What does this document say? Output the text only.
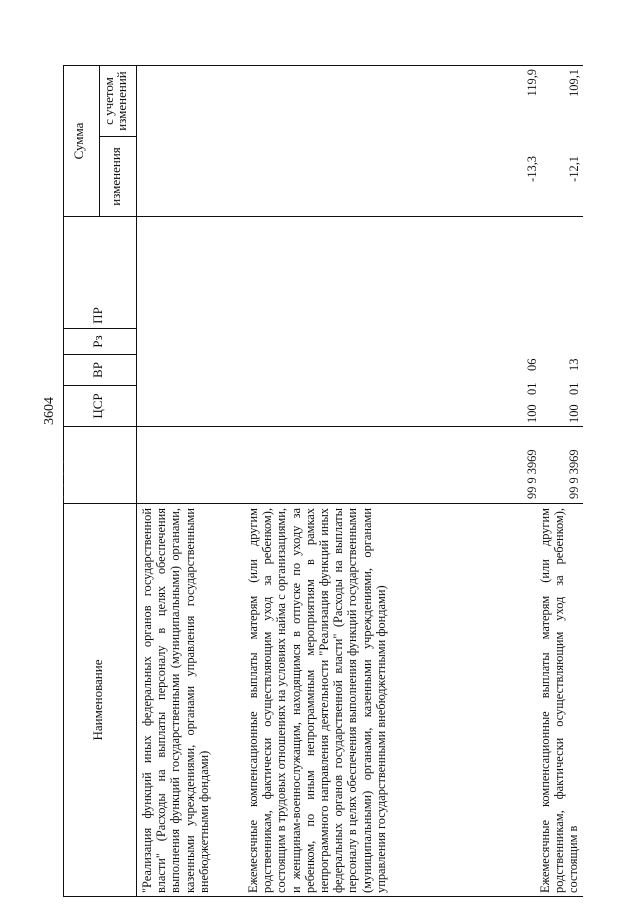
3604
Наименование
ЦСР
ВР
Рз
ПР
Сумма
изменения
с учетом изменений
- - - -
"Реализация функций иных федеральных органов государственной власти" (Расходы на выплаты персоналу в целях обеспечения выполнения функций государственными (муниципальными) органами, казенными учреждениями, органами управления государственными внебюджетными фондами)	Ежемесячные компенсационные выплаты матерям (или другим родственникам, фактически осуществляющим уход за ребенком), состоящим в трудовых отношениях на условиях найма с организациями, и женщинам-военнослужащим, находящимся в отпуске по уходу за ребенком, по иным непрограммным мероприятиям в рамках непрограммного направления деятельности "Реализация функций иных федеральных органов государственной власти" (Расходы на выплаты персоналу в целях обеспечения выполнения функций государственными (муниципальными) органами, казенными учреждениями, органами управления государственными внебюджетными фондами)
99 9 3969
100
01
06
-13,3
119,9
Ежемесячные компенсационные выплаты матерям (или другим родственникам, фактически осуществляющим уход за ребенком), состоящим в
99 9 3969
100
01
13
-12,1
109,1
